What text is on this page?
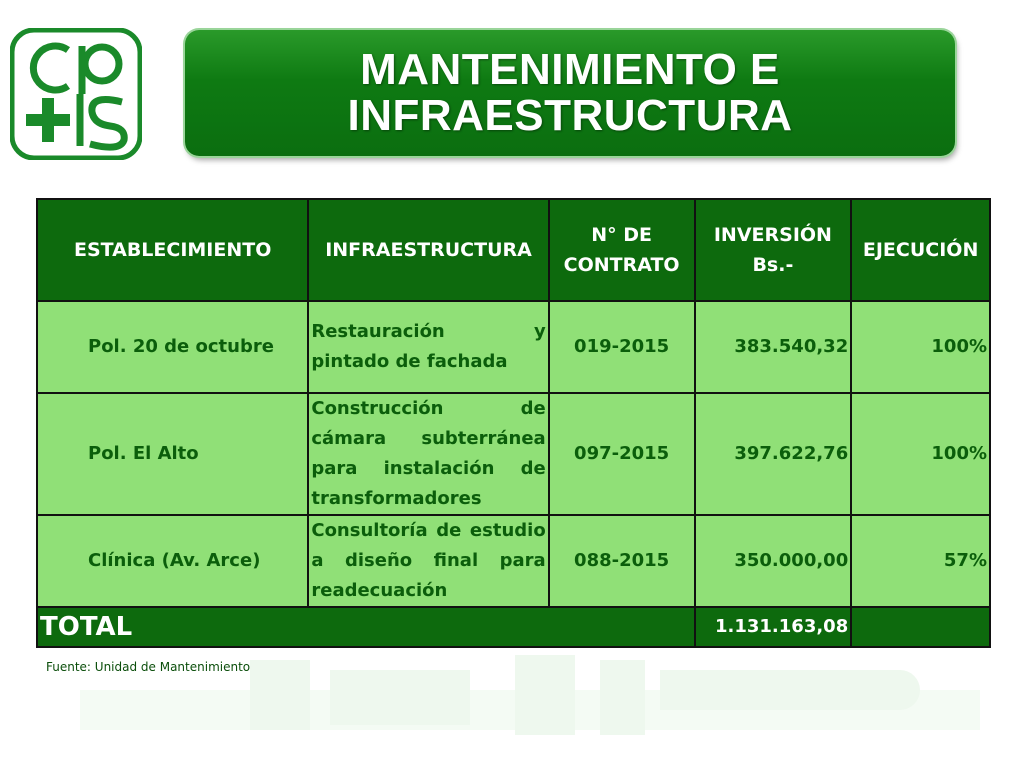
MANTENIMIENTO E
INFRAESTRUCTURA
ESTABLECIMIENTO	INFRAESTRUCTURA	N° DE CONTRATO	INVERSIÓN Bs.-	EJECUCIÓN
Pol. 20 de octubre	Restauración y pintado de fachada	019-2015	383.540,32	100%
Pol. El Alto	Construcción de cámara subterránea para instalación de transformadores	097-2015	397.622,76	100%
Clínica (Av. Arce)	Consultoría de estudio a diseño final para readecuación	088-2015	350.000,00	57%
TOTAL			1.131.163,08	
Fuente: Unidad de Mantenimiento
